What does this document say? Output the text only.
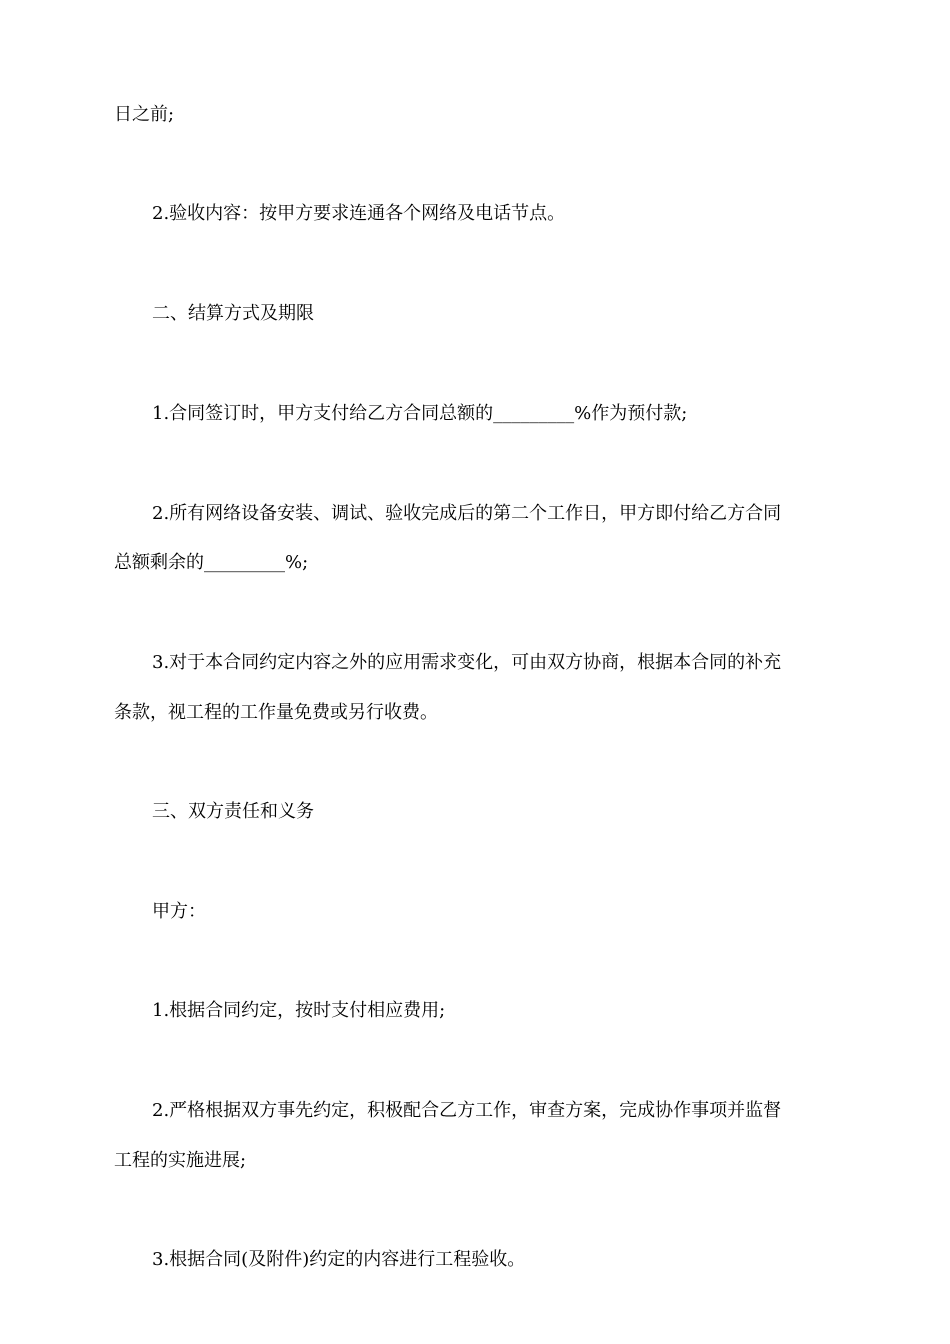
日之前;
2.验收内容：按甲方要求连通各个网络及电话节点。
二、结算方式及期限
1.合同签订时，甲方支付给乙方合同总额的_________%作为预付款;
2.所有网络设备安装、调试、验收完成后的第二个工作日，甲方即付给乙方合同
总额剩余的_________%;
3.对于本合同约定内容之外的应用需求变化，可由双方协商，根据本合同的补充
条款，视工程的工作量免费或另行收费。
三、双方责任和义务
甲方：
1.根据合同约定，按时支付相应费用;
2.严格根据双方事先约定，积极配合乙方工作，审查方案，完成协作事项并监督
工程的实施进展;
3.根据合同(及附件)约定的内容进行工程验收。
